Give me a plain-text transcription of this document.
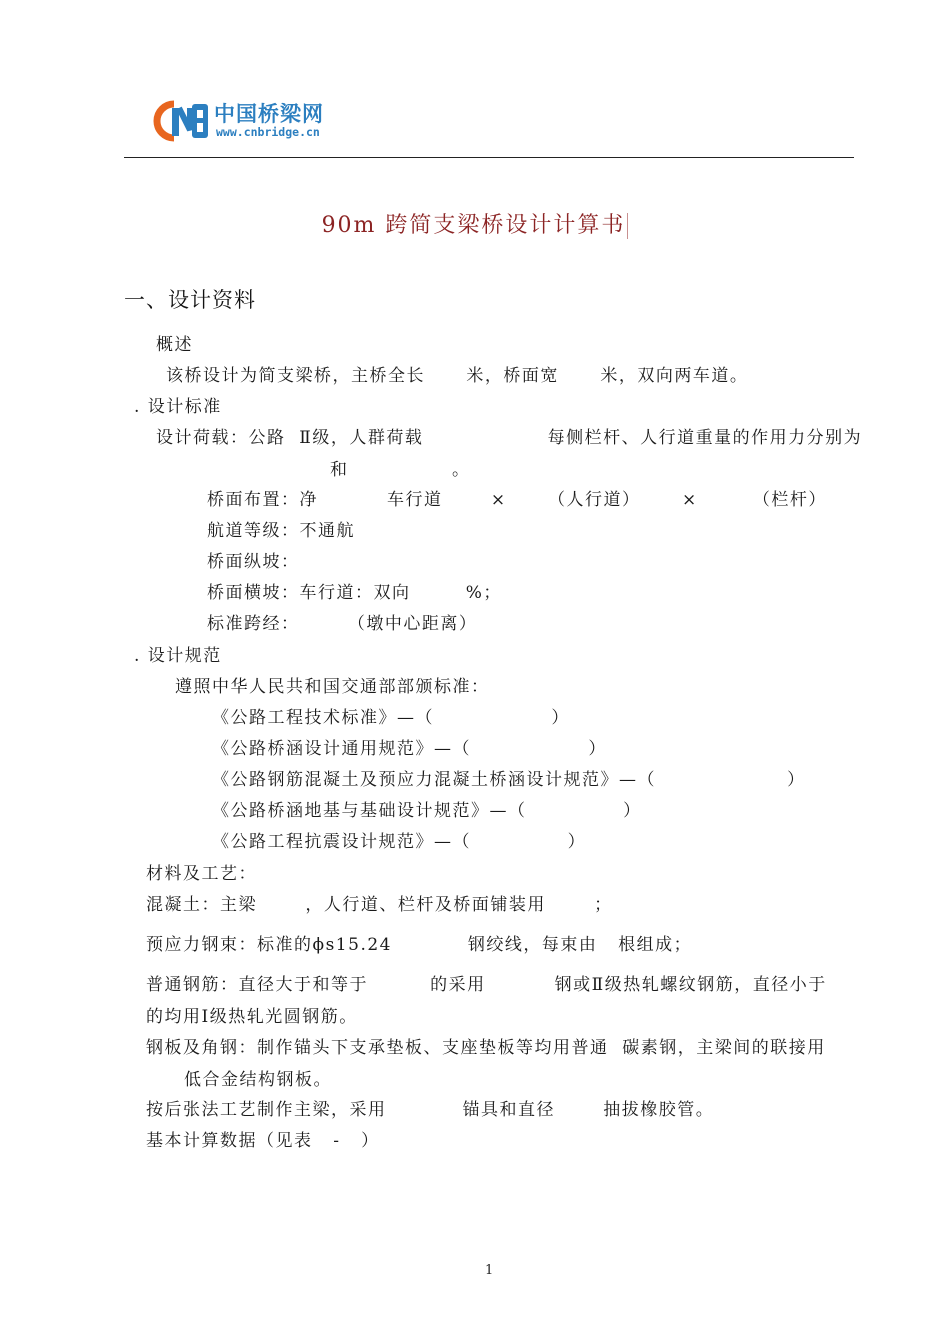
中国桥梁网
www.cnbridge.cn
90m 跨简支梁桥设计计算书
一、设计资料
概述
该桥设计为简支梁桥，主桥全长      米，桥面宽      米，双向两车道。
. 设计标准
设计荷载：公路  Ⅱ级，人群荷载                  每侧栏杆、人行道重量的作用力分别为
和               。
桥面布置：净          车行道       ×      （人行道）      ×        （栏杆）
航道等级：不通航
桥面纵坡：
桥面横坡：车行道：双向        %；
标准跨经：       （墩中心距离）
. 设计规范
遵照中华人民共和国交通部部颁标准：
《公路工程技术标准》—（                 ）
《公路桥涵设计通用规范》—（                 ）
《公路钢筋混凝土及预应力混凝土桥涵设计规范》—（                   ）
《公路桥涵地基与基础设计规范》—（              ）
《公路工程抗震设计规范》—（              ）
材料及工艺：
混凝土：主梁       ，人行道、栏杆及桥面铺装用       ；
预应力钢束：标准的ϕs15.24           钢绞线，每束由   根组成；
普通钢筋：直径大于和等于         的采用          钢或Ⅱ级热轧螺纹钢筋，直径小于
的均用Ⅰ级热轧光圆钢筋。
钢板及角钢：制作锚头下支承垫板、支座垫板等均用普通  碳素钢，主梁间的联接用
低合金结构钢板。
按后张法工艺制作主梁，采用           锚具和直径       抽拔橡胶管。
基本计算数据（见表   -   ）
1
